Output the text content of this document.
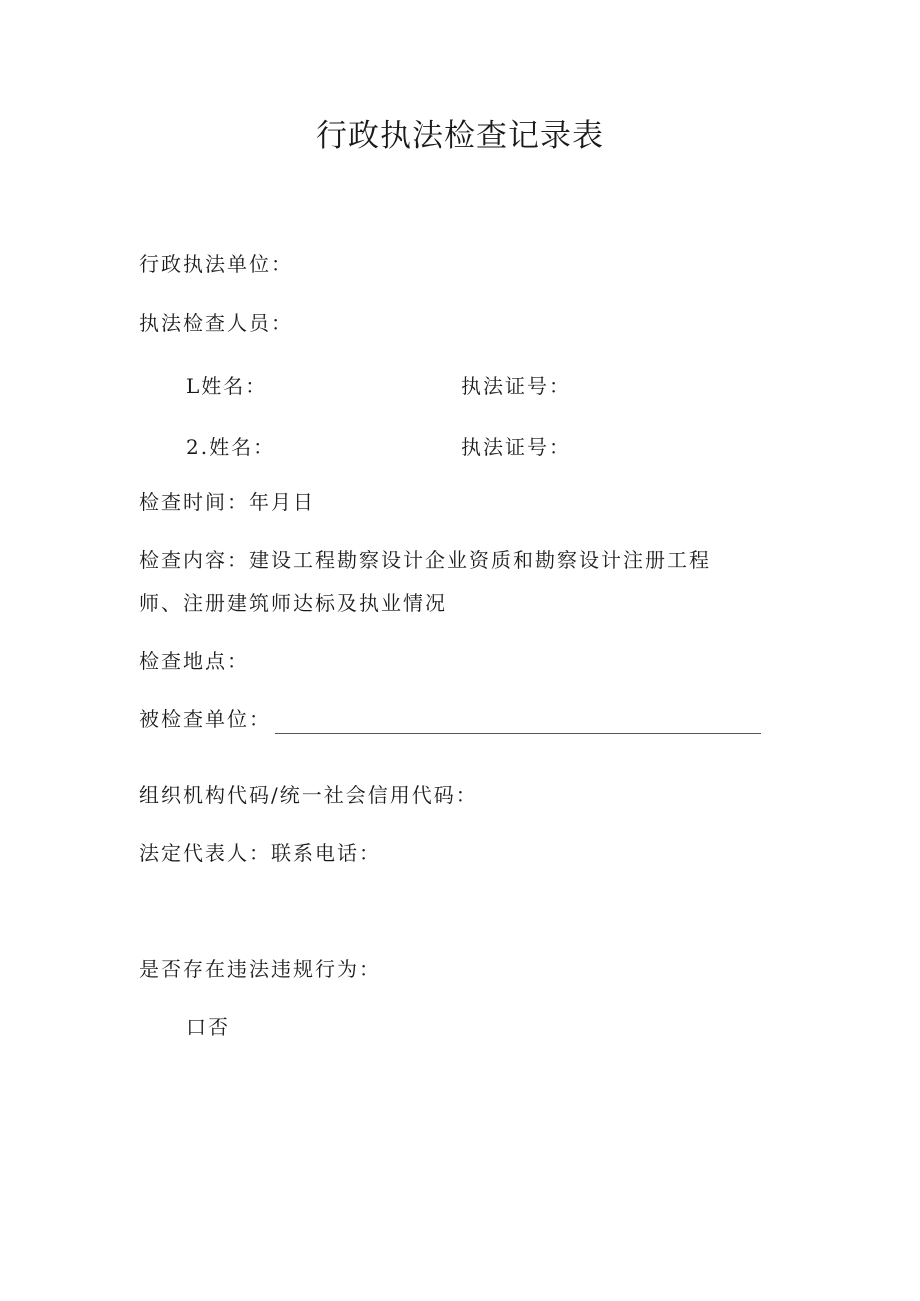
行政执法检查记录表
行政执法单位：
执法检查人员：
L姓名：	执法证号：
2.姓名：	执法证号：
检查时间：年月日
检查内容：建设工程勘察设计企业资质和勘察设计注册工程
师、注册建筑师达标及执业情况
检查地点：
被检查单位：
组织机构代码/统一社会信用代码：
法定代表人：联系电话：
是否存在违法违规行为：
口否
